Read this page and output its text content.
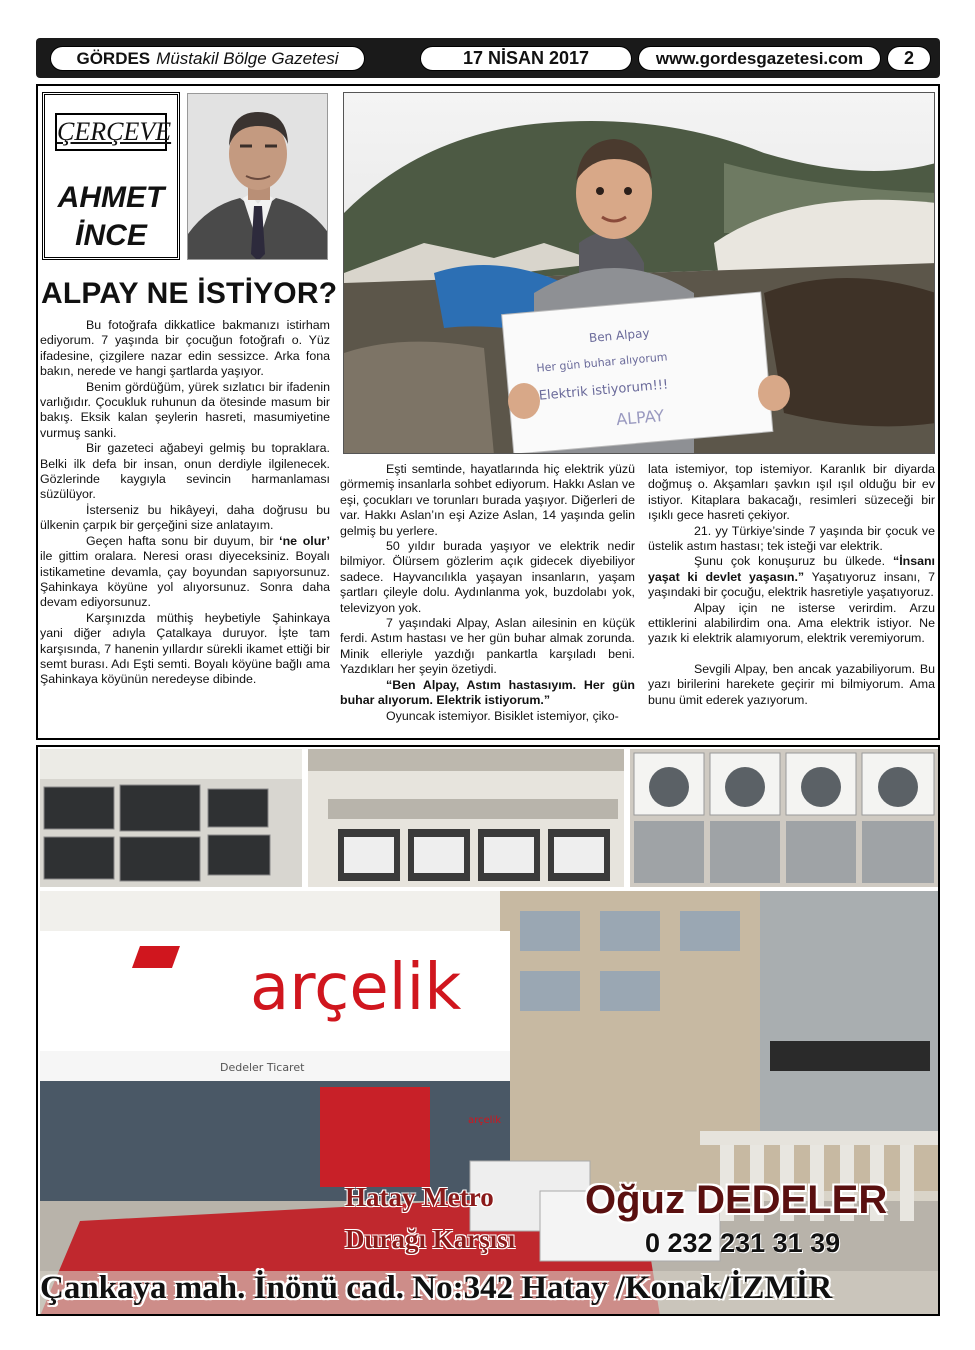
GÖRDES Müstakil Bölge Gazetesi	17 NİSAN 2017	www.gordesgazetesi.com 2
ÇERÇEVE
AHMET
İNCE
ALPAY NE İSTİYOR?

Bu fotoğrafa dikkatlice bakmanızı istirham ediyorum. 7 yaşında bir çocuğun fotoğrafı o. Yüz ifadesine, çizgilere nazar edin sessizce. Arka fona bakın, nerede ve hangi şartlarda yaşıyor.

Benim gördüğüm, yürek sızlatıcı bir ifadenin varlığıdır. Çocukluk ruhunun da ötesinde masum bir bakış. Eksik kalan şeylerin hasreti, masumiyetine vurmuş sanki.

Bir gazeteci ağabeyi gelmiş bu topraklara. Belki ilk defa bir insan, onun derdiyle ilgilenecek. Gözlerinde kaygıyla sevincin harmanlaması süzülüyor.

İsterseniz bu hikâyeyi, daha doğrusu bu ülkenin çarpık bir gerçeğini size anlatayım.

Geçen hafta sonu bir duyum, bir ‘ne olur’ ile gittim oralara. Neresi orası diyeceksiniz. Boyalı istikametine devamla, çay boyundan sapıyorsunuz. Şahinkaya köyüne yol alıyorsunuz. Sonra daha devam ediyorsunuz.

Karşınızda müthiş heybetiyle Şahinkaya yani diğer adıyla Çatalkaya duruyor. İşte tam karşısında, 7 hanenin yıllardır sürekli ikamet ettiği bir semt burası. Adı Eşti semti. Boyalı köyüne bağlı ama Şahinkaya köyünün neredeyse dibinde.

Ben Alpay
Her gün buhar alıyorum
Elektrik istiyorum!!!
ALPAY

Eşti semtinde, hayatlarında hiç elektrik yüzü görmemiş insanlarla sohbet ediyorum. Hakkı Aslan ve eşi, çocukları ve torunları burada yaşıyor. Diğerleri de var. Hakkı Aslan’ın eşi Azize Aslan, 14 yaşında gelin gelmiş bu yerlere.

50 yıldır burada yaşıyor ve elektrik nedir bilmiyor. Ölürsem gözlerim açık gidecek diyebiliyor sadece. Hayvancılıkla yaşayan insanların, yaşam şartları çileyle dolu. Aydınlanma yok, buzdolabı yok, televizyon yok.

7 yaşındaki Alpay, Aslan ailesinin en küçük ferdi. Astım hastası ve her gün buhar almak zorunda. Minik elleriyle yazdığı pankartla karşıladı beni. Yazdıkları her şeyin özetiydi.

“Ben Alpay, Astım hastasıyım. Her gün buhar alıyorum. Elektrik istiyorum.”

Oyuncak istemiyor. Bisiklet istemiyor, çiko-

lata istemiyor, top istemiyor. Karanlık bir diyarda doğmuş o. Akşamları şavkın ışıl ışıl olduğu bir ev istiyor. Kitaplara bakacağı, resimleri süzeceği bir ışıklı gece hasreti çekiyor.

21. yy Türkiye’sinde 7 yaşında bir çocuk ve üstelik astım hastası; tek isteği var elektrik.

Şunu çok konuşuruz bu ülkede. “İnsanı yaşat ki devlet yaşasın.” Yaşatıyoruz insanı, 7 yaşındaki bir çocuğu, elektrik hasretiyle yaşatıyoruz.

Alpay için ne isterse verirdim. Arzu ettiklerini alabilirdim ona. Ama elektrik istiyor. Ne yazık ki elektrik alamıyorum, elektrik veremiyorum.

Sevgili Alpay, ben ancak yazabiliyorum. Bu yazı birilerini harekete geçirir mi bilmiyorum. Ama bunu ümit ederek yazıyorum.

arçelik
Dedeler Ticaret
arçelik
Hatay Metro
Durağı Karşısı
Oğuz DEDELER
0 232 231 31 39
Çankaya mah. İnönü cad. No:342 Hatay /Konak/İZMİR
